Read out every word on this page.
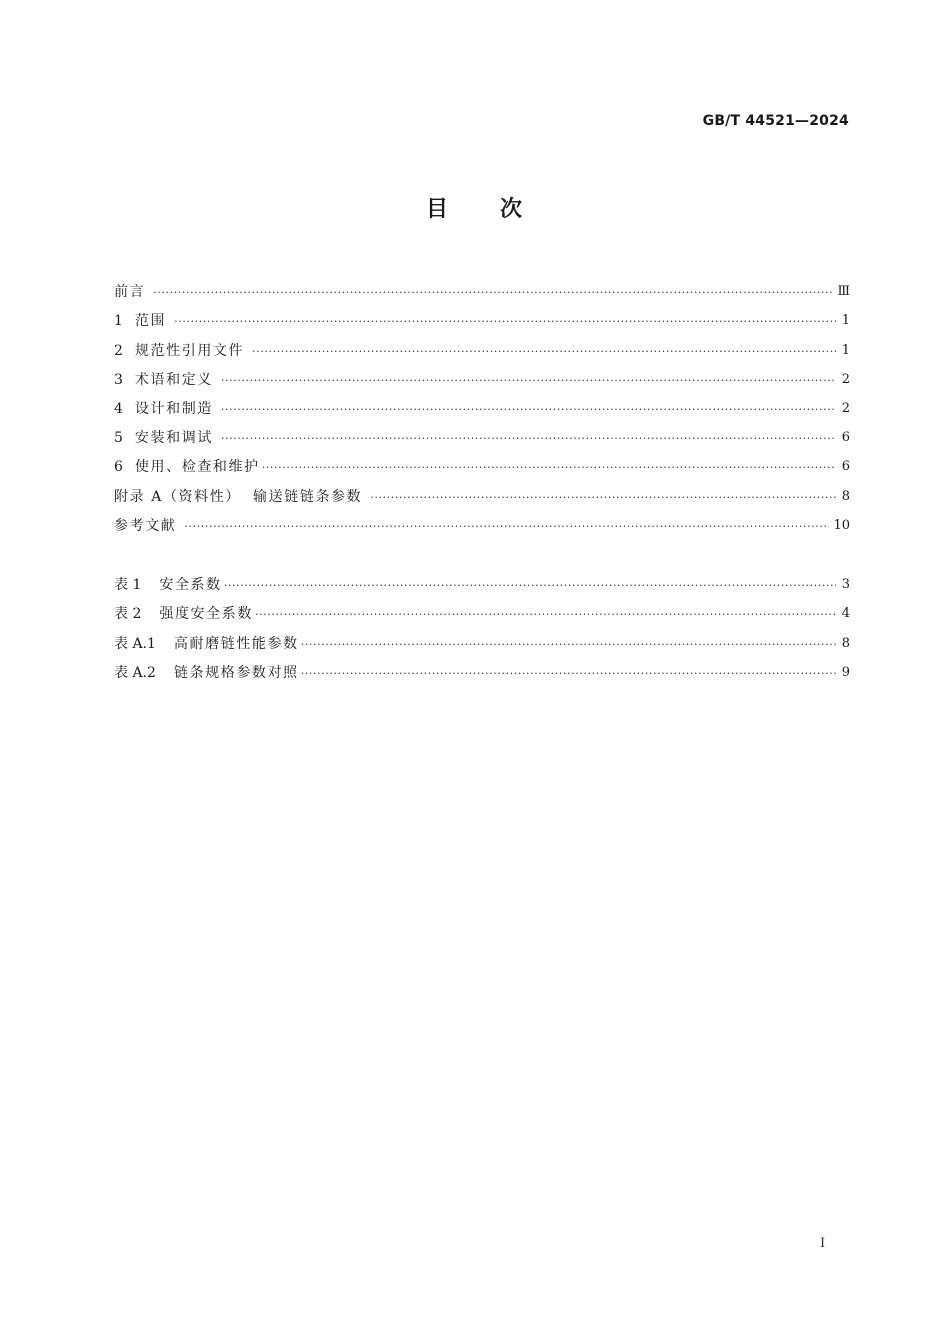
GB/T 44521—2024
目 次
前言 ·····	Ⅲ
1 范围 ·····	1
2 规范性引用文件 ·····	1
3 术语和定义 ·····	2
4 设计和制造 ·····	2
5 安装和调试 ·····	6
6 使用、检查和维护 ·····	6
附录 A（资料性）  输送链链条参数 ·····	8
参考文献 ·····	10
表 1 安全系数 ·····	3
表 2 强度安全系数 ·····	4
表 A.1 高耐磨链性能参数 ·····	8
表 A.2 链条规格参数对照 ·····	9
Ⅰ
